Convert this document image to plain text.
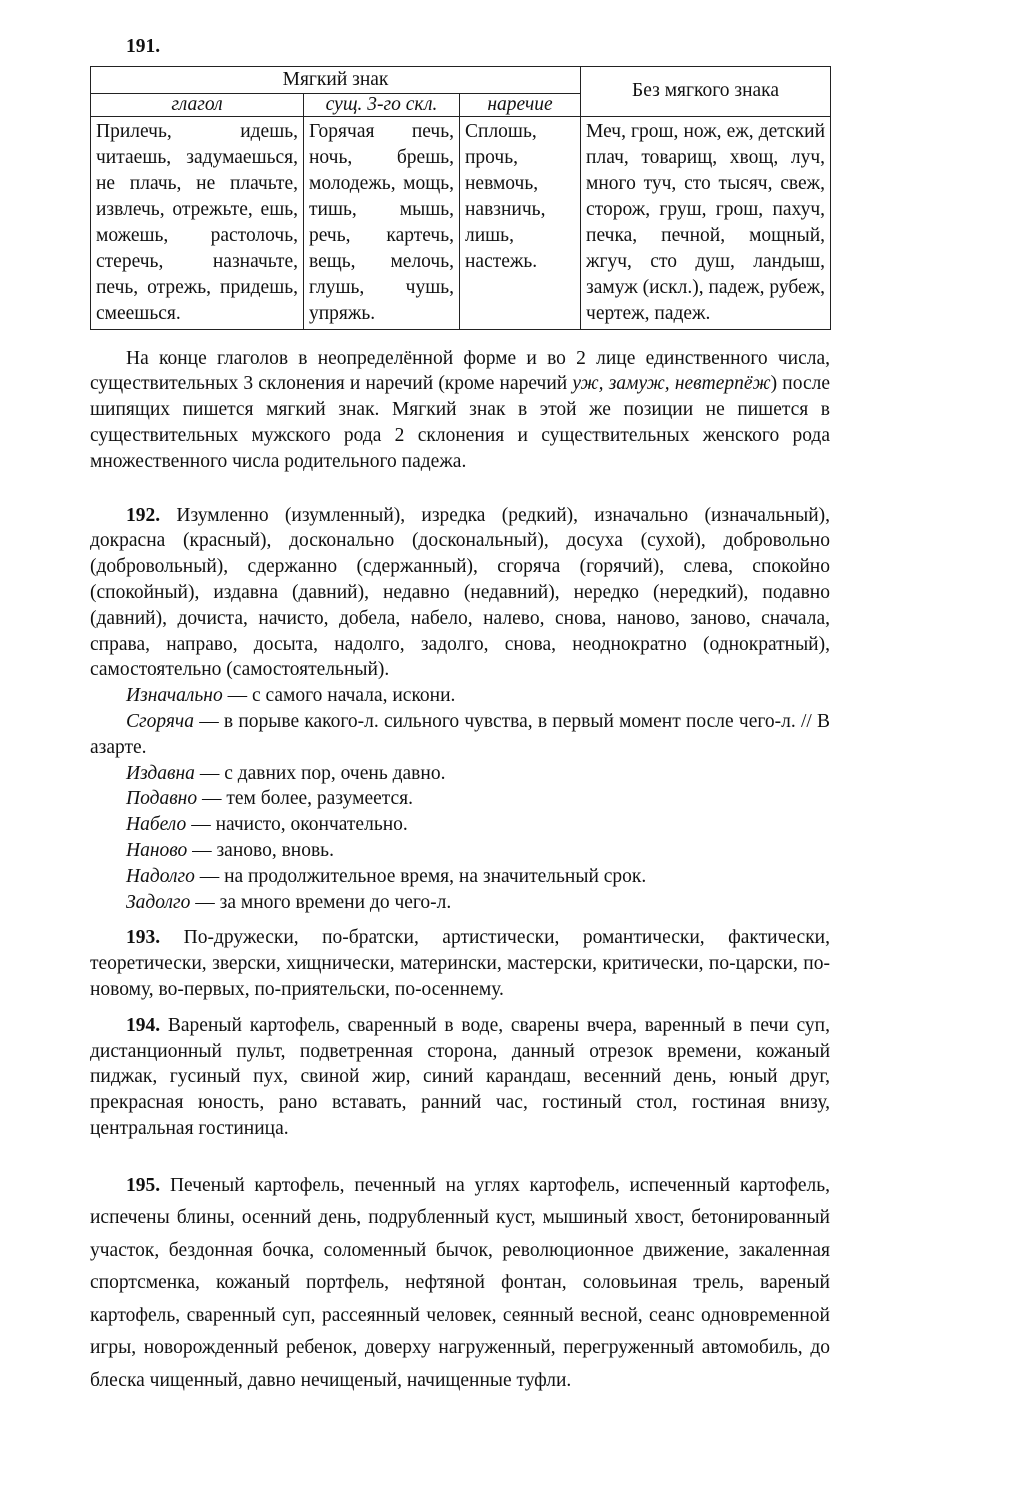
191.
Мягкий знак			Без мягкого знака
глагол	сущ. 3-го скл.	наречие	
Прилечь, идешь, читаешь, задумаешься, не плачь, не плачьте, извлечь, отрежьте, ешь, можешь, растолочь, стеречь, назначьте, печь, отрежь, придешь, смеешься.	Горячая печь, ночь, брешь, молодежь, мощь, тишь, мышь, речь, картечь, вещь, мелочь, глушь, чушь, упряжь.	Сплошь, прочь, невмочь, навзничь, лишь, настежь.	Меч, грош, нож, еж, детский плач, товарищ, хвощ, луч, много туч, сто тысяч, свеж, сторож, груш, грош, пахуч, печка, печной, мощный, жгуч, сто душ, ландыш, замуж (искл.), падеж, рубеж, чертеж, падеж.

На конце глаголов в неопределённой форме и во 2 лице единственного числа, существительных 3 склонения и наречий (кроме наречий уж, замуж, невтерпёж) после шипящих пишется мягкий знак. Мягкий знак в этой же позиции не пишется в существительных мужского рода 2 склонения и существительных женского рода множественного числа родительного падежа.

192. Изумленно (изумленный), изредка (редкий), изначально (изначальный), докрасна (красный), досконально (доскональный), досуха (сухой), добровольно (добровольный), сдержанно (сдержанный), сгоряча (горячий), слева, спокойно (спокойный), издавна (давний), недавно (недавний), нередко (нередкий), подавно (давний), дочиста, начисто, добела, набело, налево, снова, наново, заново, сначала, справа, направо, досыта, надолго, задолго, снова, неоднократно (однократный), самостоятельно (самостоятельный).

Изначально — с самого начала, искони.

Сгоряча — в порыве какого-л. сильного чувства, в первый момент после чего-л. // В азарте.

Издавна — с давних пор, очень давно.

Подавно — тем более, разумеется.

Набело — начисто, окончательно.

Наново — заново, вновь.

Надолго — на продолжительное время, на значительный срок.

Задолго — за много времени до чего-л.

193. По-дружески, по-братски, артистически, романтически, фактически, теоретически, зверски, хищнически, матерински, мастерски, критически, по-царски, по-новому, во-первых, по-приятельски, по-осеннему.

194. Вареный картофель, сваренный в воде, сварены вчера, варенный в печи суп, дистанционный пульт, подветренная сторона, данный отрезок времени, кожаный пиджак, гусиный пух, свиной жир, синий карандаш, весенний день, юный друг, прекрасная юность, рано вставать, ранний час, гостиный стол, гостиная внизу, центральная гостиница.

195. Печеный картофель, печенный на углях картофель, испеченный картофель, испечены блины, осенний день, подрубленный куст, мышиный хвост, бетонированный участок, бездонная бочка, соломенный бычок, революционное движение, закаленная спортсменка, кожаный портфель, нефтяной фонтан, соловьиная трель, вареный картофель, сваренный суп, рассеянный человек, сеянный весной, сеанс одновременной игры, новорожденный ребенок, доверху нагруженный, перегруженный автомобиль, до блеска чищенный, давно нечищеный, начищенные туфли.
